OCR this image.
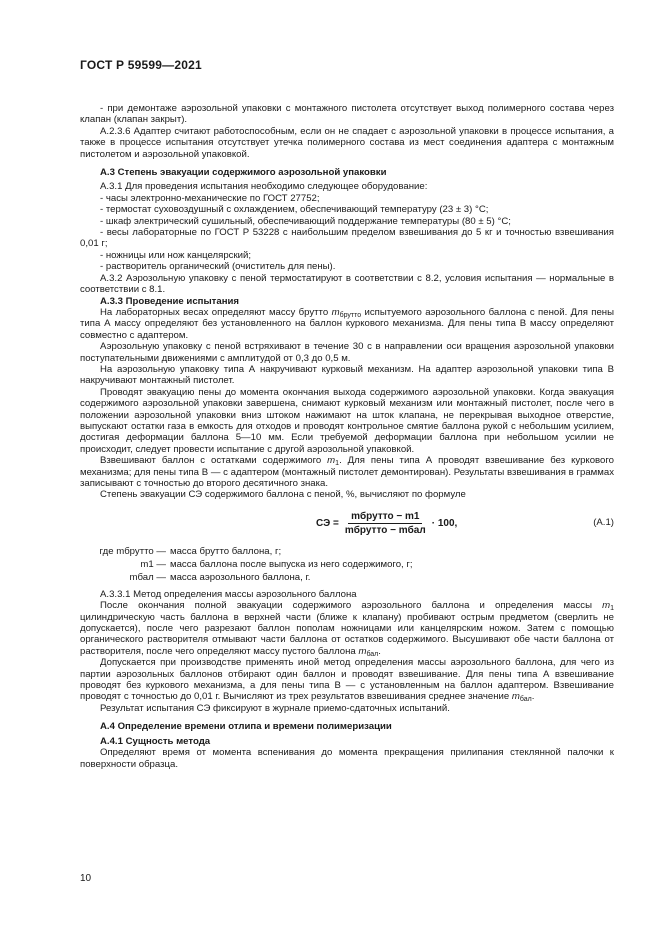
ГОСТ Р 59599—2021

- при демонтаже аэрозольной упаковки с монтажного пистолета отсутствует выход полимерного состава через клапан (клапан закрыт).

А.2.3.6 Адаптер считают работоспособным, если он не спадает с аэрозольной упаковки в процессе испытания, а также в процессе испытания отсутствует утечка полимерного состава из мест соединения адаптера с монтажным пистолетом и аэрозольной упаковкой.

А.3 Степень эвакуации содержимого аэрозольной упаковки

А.3.1 Для проведения испытания необходимо следующее оборудование:

- часы электронно-механические по ГОСТ 27752;

- термостат суховоздушный с охлаждением, обеспечивающий температуру (23 ± 3) °С;

- шкаф электрический сушильный, обеспечивающий поддержание температуры (80 ± 5) °С;

- весы лабораторные по ГОСТ Р 53228 с наибольшим пределом взвешивания до 5 кг и точностью взвешивания 0,01 г;

- ножницы или нож канцелярский;

- растворитель органический (очиститель для пены).

А.3.2 Аэрозольную упаковку с пеной термостатируют в соответствии с 8.2, условия испытания — нормальные в соответствии с 8.1.

А.3.3 Проведение испытания

На лабораторных весах определяют массу брутто $m_{брутто}$ испытуемого аэрозольного баллона с пеной. Для пены типа А массу определяют без установленного на баллон куркового механизма. Для пены типа В массу определяют совместно с адаптером.

Аэрозольную упаковку с пеной встряхивают в течение 30 с в направлении оси вращения аэрозольной упаковки поступательными движениями с амплитудой от 0,3 до 0,5 м.

На аэрозольную упаковку типа А накручивают курковый механизм. На адаптер аэрозольной упаковки типа В накручивают монтажный пистолет.

Проводят эвакуацию пены до момента окончания выхода содержимого аэрозольной упаковки. Когда эвакуация содержимого аэрозольной упаковки завершена, снимают курковый механизм или монтажный пистолет, после чего в положении аэрозольной упаковки вниз штоком нажимают на шток клапана, не перекрывая выходное отверстие, выпускают остатки газа в емкость для отходов и проводят контрольное смятие баллона рукой с небольшим усилием, достигая деформации баллона 5—10 мм. Если требуемой деформации баллона при небольшом усилии не происходит, следует провести испытание с другой аэрозольной упаковкой.

Взвешивают баллон с остатками содержимого $m_1$. Для пены типа А проводят взвешивание без куркового механизма; для пены типа В — с адаптером (монтажный пистолет демонтирован). Результаты взвешивания в граммах записывают с точностью до второго десятичного знака.

Степень эвакуации СЭ содержимого баллона с пеной, %, вычисляют по формуле

СЭ = $\frac{\text{mбрутто − m1}}{\text{mбрутто − mбал}} \cdot 100$,	(А.1)
где mбрутто — масса брутто баллона, г;
m1 — масса баллона после выпуска из него содержимого, г;
mбал — масса аэрозольного баллона, г.

А.3.3.1 Метод определения массы аэрозольного баллона

После окончания полной эвакуации содержимого аэрозольного баллона и определения массы $m_1$ цилиндрическую часть баллона в верхней части (ближе к клапану) пробивают острым предметом (сверлить не допускается), после чего разрезают баллон пополам ножницами или канцелярским ножом. Затем с помощью органического растворителя отмывают части баллона от остатков содержимого. Высушивают обе части баллона от растворителя, после чего определяют массу пустого баллона $m_{бал}$.

Допускается при производстве применять иной метод определения массы аэрозольного баллона, для чего из партии аэрозольных баллонов отбирают один баллон и проводят взвешивание. Для пены типа А взвешивание проводят без куркового механизма, а для пены типа В — с установленным на баллон адаптером. Взвешивание проводят с точностью до 0,01 г. Вычисляют из трех результатов взвешивания среднее значение $m_{бал}$.

Результат испытания СЭ фиксируют в журнале приемо-сдаточных испытаний.

А.4 Определение времени отлипа и времени полимеризации

А.4.1 Сущность метода

Определяют время от момента вспенивания до момента прекращения прилипания стеклянной палочки к поверхности образца.

10
